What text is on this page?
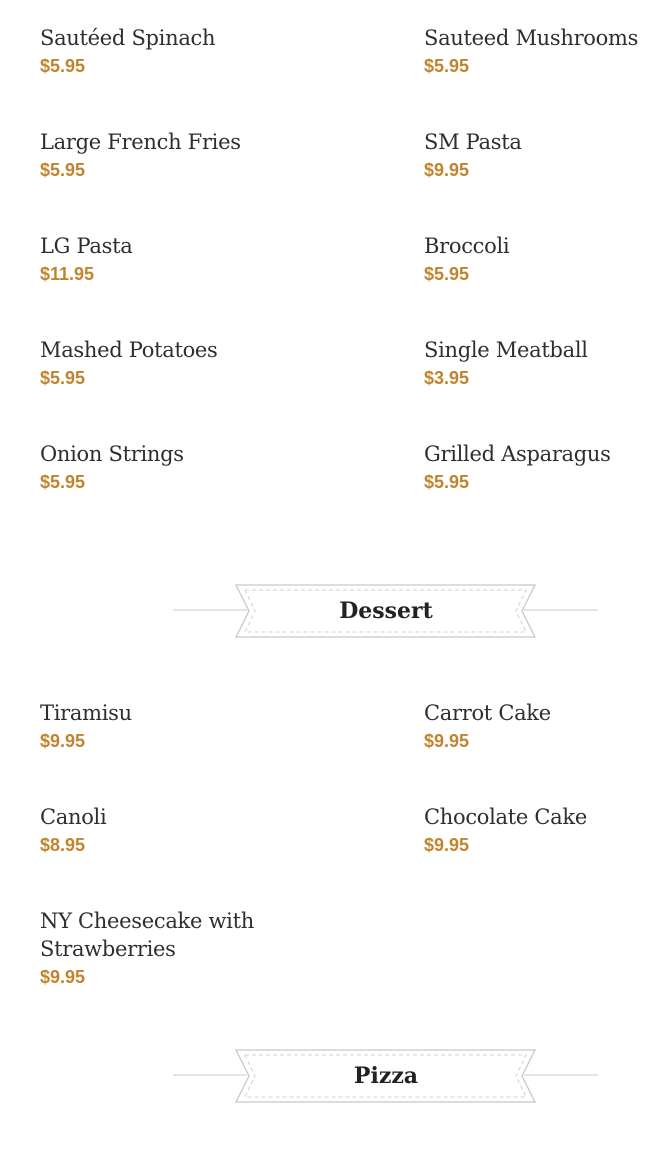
Sautéed Spinach
$5.95
Sauteed Mushrooms
$5.95
Large French Fries
$5.95
SM Pasta
$9.95
LG Pasta
$11.95
Broccoli
$5.95
Mashed Potatoes
$5.95
Single Meatball
$3.95
Onion Strings
$5.95
Grilled Asparagus
$5.95
Dessert
Tiramisu
$9.95
Carrot Cake
$9.95
Canoli
$8.95
Chocolate Cake
$9.95
NY Cheesecake with Strawberries
$9.95
Pizza
